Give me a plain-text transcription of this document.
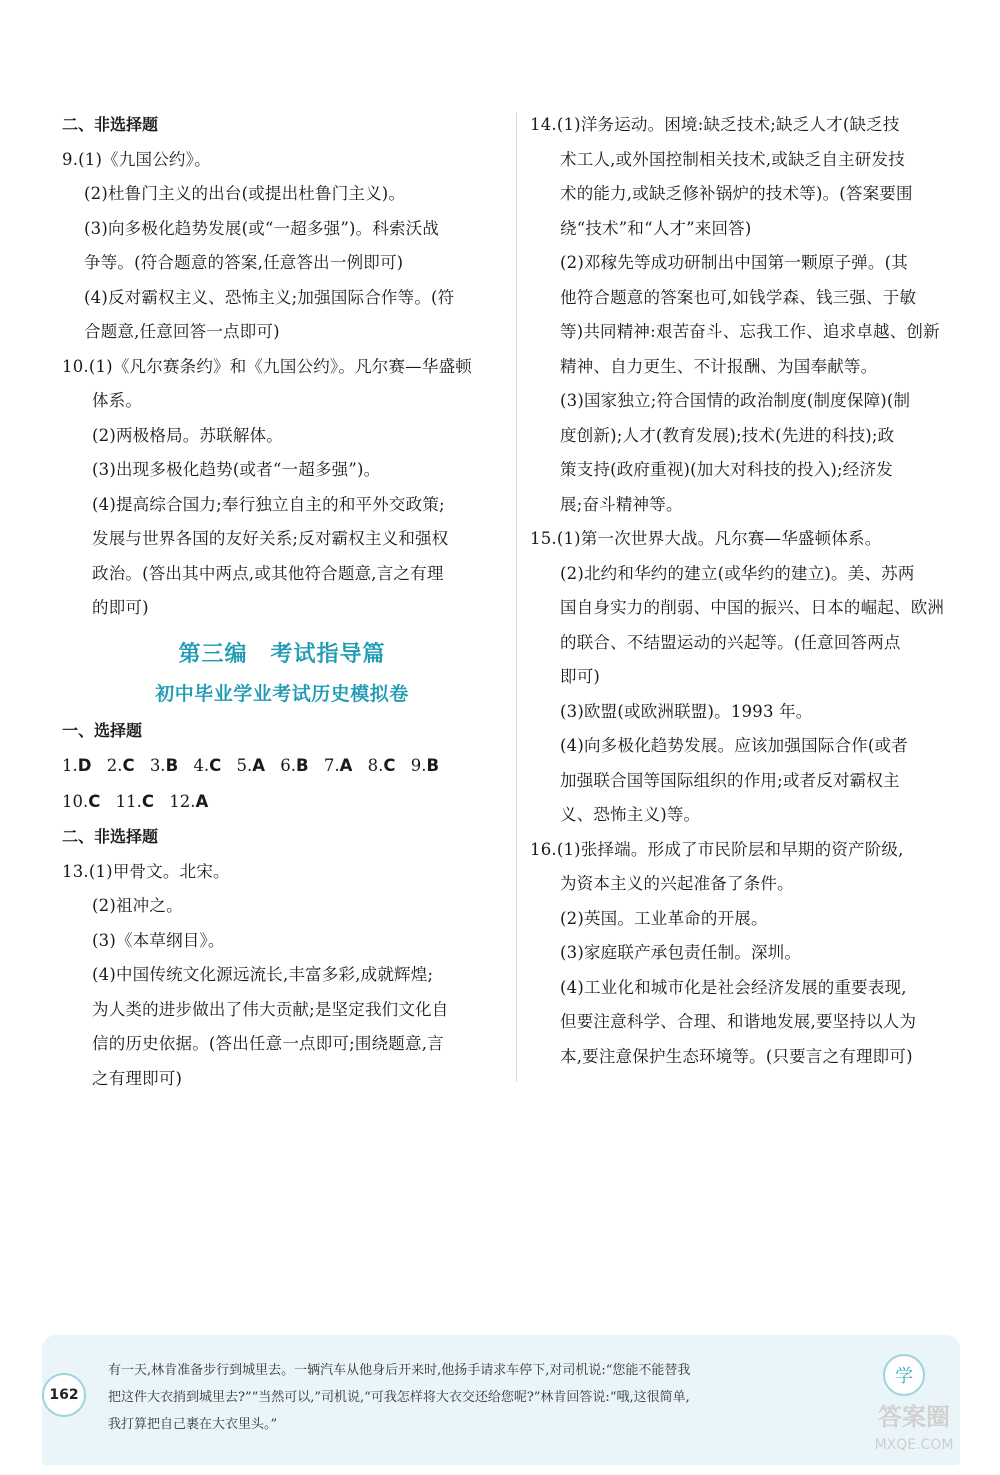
二、非选择题
9.(1)《九国公约》。
(2)杜鲁门主义的出台(或提出杜鲁门主义)。
(3)向多极化趋势发展(或“一超多强”)。科索沃战
争等。(符合题意的答案,任意答出一例即可)
(4)反对霸权主义、恐怖主义;加强国际合作等。(符
合题意,任意回答一点即可)
10.(1)《凡尔赛条约》和《九国公约》。凡尔赛—华盛顿
体系。
(2)两极格局。苏联解体。
(3)出现多极化趋势(或者“一超多强”)。
(4)提高综合国力;奉行独立自主的和平外交政策;
发展与世界各国的友好关系;反对霸权主义和强权
政治。(答出其中两点,或其他符合题意,言之有理
的即可)
第三编　考试指导篇
初中毕业学业考试历史模拟卷
一、选择题
1.D 2.C 3.B 4.C 5.A 6.B 7.A 8.C 9.B
10.C 11.C 12.A
二、非选择题
13.(1)甲骨文。北宋。
(2)祖冲之。
(3)《本草纲目》。
(4)中国传统文化源远流长,丰富多彩,成就辉煌;
为人类的进步做出了伟大贡献;是坚定我们文化自
信的历史依据。(答出任意一点即可;围绕题意,言
之有理即可)
14.(1)洋务运动。困境:缺乏技术;缺乏人才(缺乏技
术工人,或外国控制相关技术,或缺乏自主研发技
术的能力,或缺乏修补锅炉的技术等)。(答案要围
绕“技术”和“人才”来回答)
(2)邓稼先等成功研制出中国第一颗原子弹。(其
他符合题意的答案也可,如钱学森、钱三强、于敏
等)共同精神:艰苦奋斗、忘我工作、追求卓越、创新
精神、自力更生、不计报酬、为国奉献等。
(3)国家独立;符合国情的政治制度(制度保障)(制
度创新);人才(教育发展);技术(先进的科技);政
策支持(政府重视)(加大对科技的投入);经济发
展;奋斗精神等。
15.(1)第一次世界大战。凡尔赛—华盛顿体系。
(2)北约和华约的建立(或华约的建立)。美、苏两
国自身实力的削弱、中国的振兴、日本的崛起、欧洲
的联合、不结盟运动的兴起等。(任意回答两点
即可)
(3)欧盟(或欧洲联盟)。1993 年。
(4)向多极化趋势发展。应该加强国际合作(或者
加强联合国等国际组织的作用;或者反对霸权主
义、恐怖主义)等。
16.(1)张择端。形成了市民阶层和早期的资产阶级,
为资本主义的兴起准备了条件。
(2)英国。工业革命的开展。
(3)家庭联产承包责任制。深圳。
(4)工业化和城市化是社会经济发展的重要表现,
但要注意科学、合理、和谐地发展,要坚持以人为
本,要注意保护生态环境等。(只要言之有理即可)
162
有一天,林肯准备步行到城里去。一辆汽车从他身后开来时,他扬手请求车停下,对司机说:“您能不能替我
把这件大衣捎到城里去?”“当然可以,”司机说,“可我怎样将大衣交还给您呢?”林肯回答说:“哦,这很简单,
我打算把自己裹在大衣里头。”
学
答案圈
MXQE.COM
